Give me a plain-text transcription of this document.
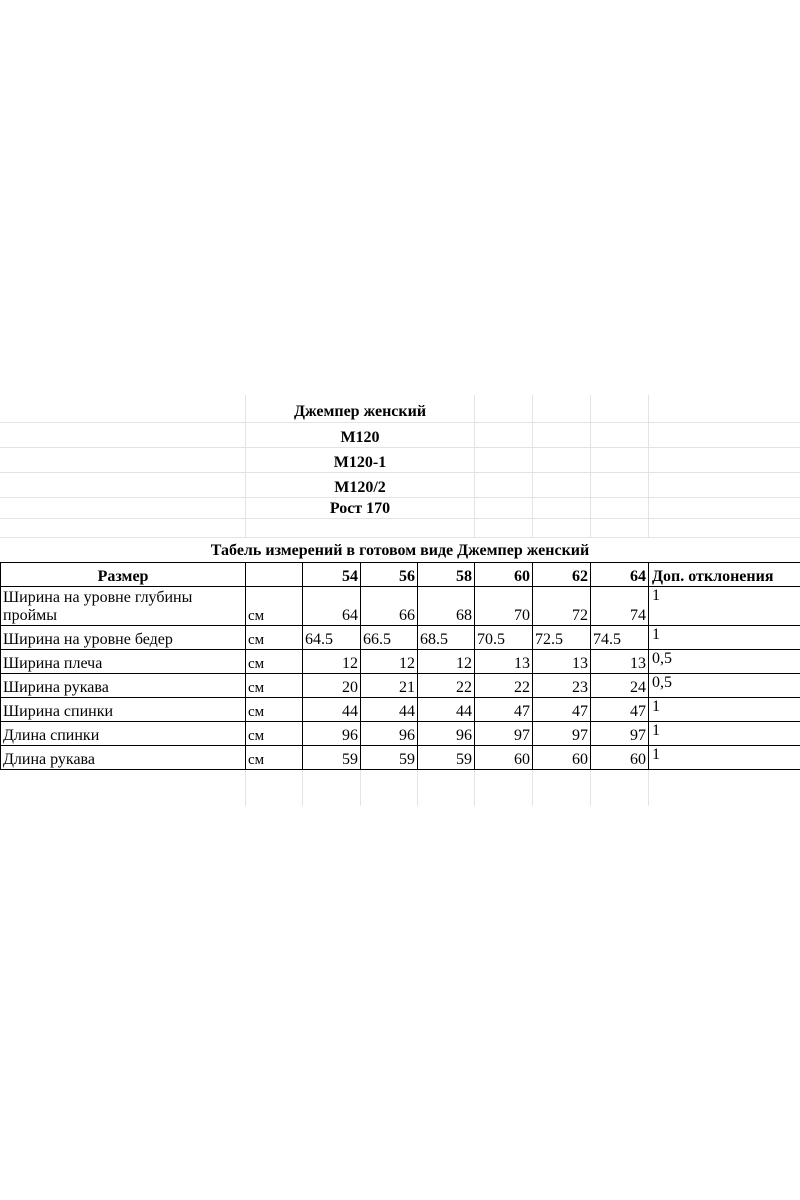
Джемпер женский
М120
М120-1
М120/2
Рост 170
Табель измерений в готовом виде Джемпер женский
Размер		54	56	58	60	62	64	Доп. отклонения
Ширина на уровне глубины проймы	см	64	66	68	70	72	74	1
Ширина на уровне бедер	см	64.5	66.5	68.5	70.5	72.5	74.5	1
Ширина плеча	см	12	12	12	13	13	13	0,5
Ширина рукава	см	20	21	22	22	23	24	0,5
Ширина спинки	см	44	44	44	47	47	47	1
Длина спинки	см	96	96	96	97	97	97	1
Длина рукава	см	59	59	59	60	60	60	1
